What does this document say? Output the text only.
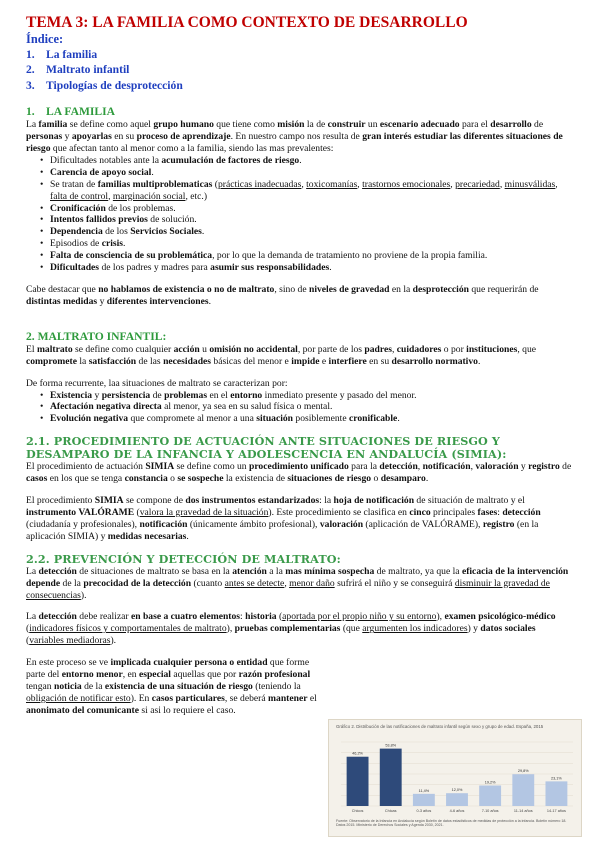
TEMA 3: LA FAMILIA COMO CONTEXTO DE DESARROLLO
Índice:
1. La familia
2. Maltrato infantil
3. Tipologías de desprotección
1. LA FAMILIA

La familia se define como aquel grupo humano que tiene como misión la de construir un escenario adecuado para el desarrollo de personas y apoyarlas en su proceso de aprendizaje. En nuestro campo nos resulta de gran interés estudiar las diferentes situaciones de riesgo que afectan tanto al menor como a la familia, siendo las mas prevalentes:

• Dificultades notables ante la acumulación de factores de riesgo.
• Carencia de apoyo social.
• Se tratan de familias multiproblematicas (prácticas inadecuadas, toxicomanías, trastornos emocionales, precariedad, minusválidas, falta de control, marginación social, etc.)
• Cronificación de los problemas.
• Intentos fallidos previos de solución.
• Dependencia de los Servicios Sociales.
• Episodios de crisis.
• Falta de consciencia de su problemática, por lo que la demanda de tratamiento no proviene de la propia familia.
• Dificultades de los padres y madres para asumir sus responsabilidades.

Cabe destacar que no hablamos de existencia o no de maltrato, sino de niveles de gravedad en la desprotección que requerirán de distintas medidas y diferentes intervenciones.

2. MALTRATO INFANTIL:

El maltrato se define como cualquier acción u omisión no accidental, por parte de los padres, cuidadores o por instituciones, que compromete la satisfacción de las necesidades básicas del menor e impide e interfiere en su desarrollo normativo.

De forma recurrente, laa situaciones de maltrato se caracterizan por:

• Existencia y persistencia de problemas en el entorno inmediato presente y pasado del menor.
• Afectación negativa directa al menor, ya sea en su salud física o mental.
• Evolución negativa que compromete al menor a una situación posiblemente cronificable.
2.1. PROCEDIMIENTO DE ACTUACIÓN ANTE SITUACIONES DE RIESGO Y DESAMPARO DE LA INFANCIA Y ADOLESCENCIA EN ANDALUCÍA (SIMIA):

El procedimiento de actuación SIMIA se define como un procedimiento unificado para la detección, notificación, valoración y registro de casos en los que se tenga constancia o se sospeche la existencia de situaciones de riesgo o desamparo.

El procedimiento SIMIA se compone de dos instrumentos estandarizados: la hoja de notificación de situación de maltrato y el instrumento VALÓRAME (valora la gravedad de la situación). Este procedimiento se clasifica en cinco principales fases: detección (ciudadanía y profesionales), notificación (únicamente ámbito profesional), valoración (aplicación de VALÓRAME), registro (en la aplicación SIMIA) y medidas necesarias.

2.2. PREVENCIÓN Y DETECCIÓN DE MALTRATO:

La detección de situaciones de maltrato se basa en la atención a la mas mínima sospecha de maltrato, ya que la eficacia de la intervención depende de la precocidad de la detección (cuanto antes se detecte, menor daño sufrirá el niño y se conseguirá disminuir la gravedad de consecuencias).

La detección debe realizar en base a cuatro elementos: historia (aportada por el propio niño y su entorno), examen psicológico-médico (indicadores físicos y comportamentales de maltrato), pruebas complementarias (que argumenten los indicadores) y datos sociales (variables mediadoras).

En este proceso se ve implicada cualquier persona o entidad que forme parte del entorno menor, en especial aquellas que por razón profesional tengan noticia de la existencia de una situación de riesgo (teniendo la obligación de notificar esto). En casos particulares, se deberá mantener el anonimato del comunicante si asi lo requiere el caso.

Gráfico 2. Distribución de las notificaciones de maltrato infantil según sexo y grupo de edad. España, 2015
46,2%
Chicos
53,8%
Chicas
11,4%
0-3 años
12,0%
4-6 años
19,2%
7-10 años
29,8%
11-14 años
23,1%
14-17 años
Fuente: Observatorio de la Infancia en Andalucía según Boletín de datos estadísticos de medidas de protección a la infancia. Boletín número 18. Datos 2015. Ministerio de Derechos Sociales y Agenda 2030, 2021.
